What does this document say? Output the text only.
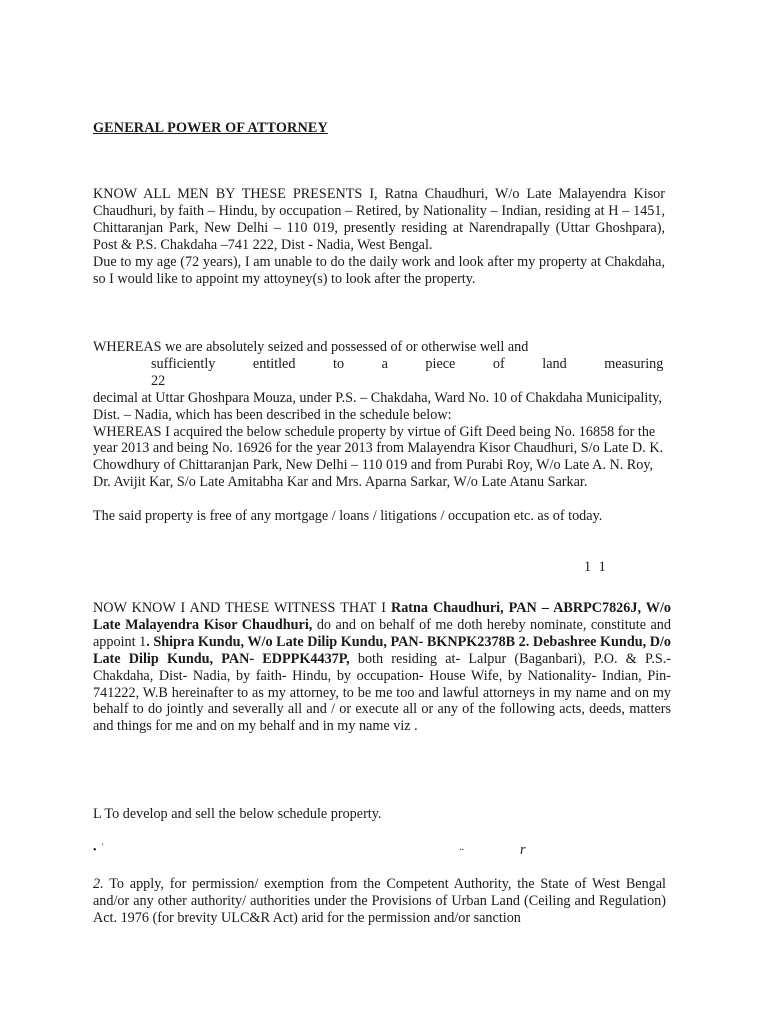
GENERAL POWER OF ATTORNEY

KNOW ALL MEN BY THESE PRESENTS I, Ratna Chaudhuri, W/o Late Malayendra Kisor Chaudhuri, by faith – Hindu, by occupation – Retired, by Nationality – Indian, residing at H – 1451, Chittaranjan Park, New Delhi – 110 019, presently residing at Narendrapally (Uttar Ghoshpara), Post & P.S. Chakdaha –741 222, Dist - Nadia, West Bengal.
Due to my age (72 years), I am unable to do the daily work and look after my property at Chakdaha, so I would like to appoint my attoyney(s) to look after the property.
WHEREAS we are absolutely seized and possessed of or otherwise well and
sufficiently entitled to a piece of land measuring 22
decimal at Uttar Ghoshpara Mouza, under P.S. – Chakdaha, Ward No. 10 of Chakdaha Municipality, Dist. – Nadia, which has been described in the schedule below:
WHEREAS I acquired the below schedule property by virtue of Gift Deed being No. 16858 for the year 2013 and being No. 16926 for the year 2013 from Malayendra Kisor Chaudhuri, S/o Late D. K. Chowdhury of Chittaranjan Park, New Delhi – 110 019 and from Purabi Roy, W/o Late A. N. Roy, Dr. Avijit Kar, S/o Late Amitabha Kar and Mrs. Aparna Sarkar, W/o Late Atanu Sarkar.

The said property is free of any mortgage / loans / litigations / occupation etc. as of today.

1 1

NOW KNOW I AND THESE WITNESS THAT I Ratna Chaudhuri, PAN – ABRPC7826J, W/o Late Malayendra Kisor Chaudhuri, do and on behalf of me doth hereby nominate, constitute and appoint 1. Shipra Kundu, W/o Late Dilip Kundu, PAN- BKNPK2378B 2. Debashree Kundu, D/o Late Dilip Kundu, PAN- EDPPK4437P, both residing at- Lalpur (Baganbari), P.O. & P.S.- Chakdaha, Dist- Nadia, by faith- Hindu, by occupation- House Wife, by Nationality- Indian, Pin- 741222, W.B hereinafter to as my attorney, to be me too and lawful attorneys in my name and on my behalf to do jointly and severally all and / or execute all or any of the following acts, deeds, matters and things for me and on my behalf and in my name viz .

L To develop and sell the below schedule property.

• '	..	r

2. To apply, for permission/ exemption from the Competent Authority, the State of West Bengal and/or any other authority/ authorities under the Provisions of Urban Land (Ceiling and Regulation) Act. 1976 (for brevity ULC&R Act) arid for the permission and/or sanction
